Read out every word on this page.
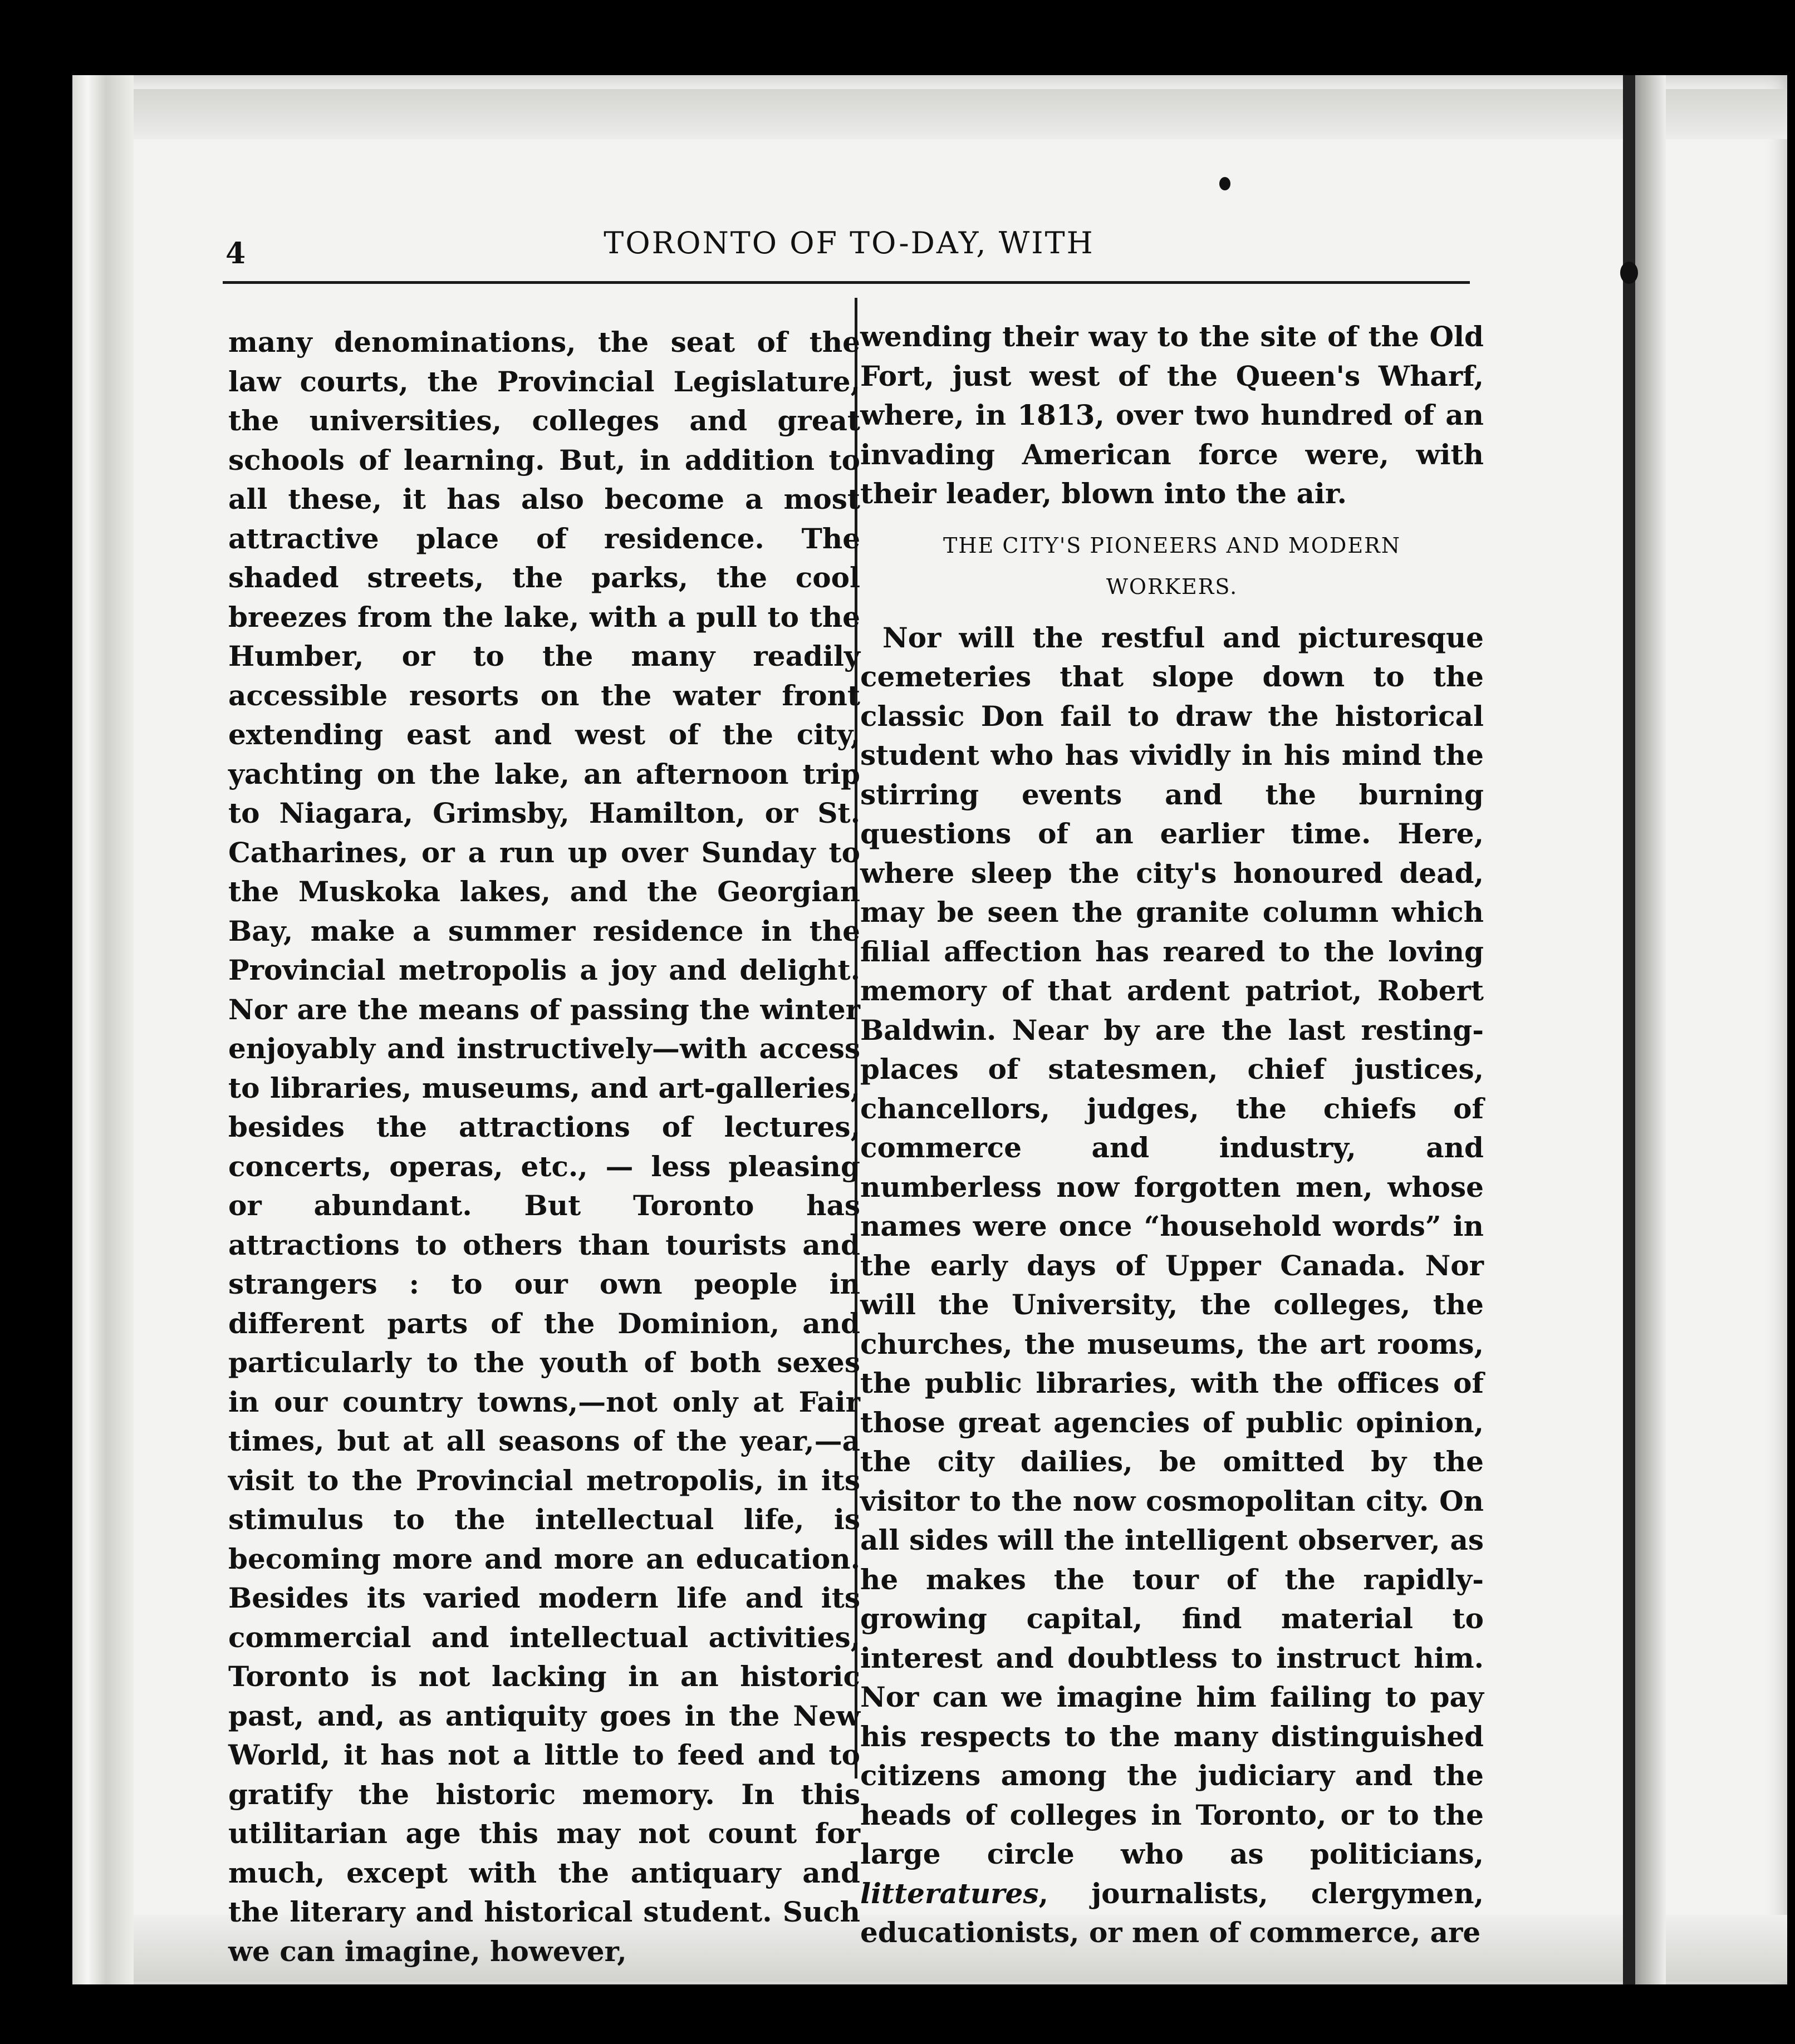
4	TORONTO OF TO-DAY, WITH

many denominations, the seat of the law courts, the Provincial Legislature, the universities, colleges and great schools of learning. But, in addition to all these, it has also become a most attractive place of residence. The shaded streets, the parks, the cool breezes from the lake, with a pull to the Humber, or to the many readily accessible resorts on the water front extending east and west of the city, yachting on the lake, an afternoon trip to Niagara, Grimsby, Hamilton, or St. Catharines, or a run up over Sunday to the Muskoka lakes, and the Georgian Bay, make a summer residence in the Provincial metropolis a joy and delight. Nor are the means of passing the winter enjoyably and instructively—with access to libraries, museums, and art-galleries, besides the attractions of lectures, concerts, operas, etc., — less pleasing or abundant. But Toronto has attractions to others than tourists and strangers : to our own people in different parts of the Dominion, and particularly to the youth of both sexes in our country towns,—not only at Fair times, but at all seasons of the year,—a visit to the Provincial metropolis, in its stimulus to the intellectual life, is becoming more and more an education. Besides its varied modern life and its commercial and intellectual activities, Toronto is not lacking in an historic past, and, as antiquity goes in the New World, it has not a little to feed and to gratify the historic memory. In this utilitarian age this may not count for much, except with the antiquary and the literary and historical student. Such we can imagine, however,

wending their way to the site of the Old Fort, just west of the Queen's Wharf, where, in 1813, over two hundred of an invading American force were, with their leader, blown into the air.

THE CITY'S PIONEERS AND MODERN
WORKERS.

Nor will the restful and picturesque cemeteries that slope down to the classic Don fail to draw the historical student who has vividly in his mind the stirring events and the burning questions of an earlier time. Here, where sleep the city's honoured dead, may be seen the granite column which filial affection has reared to the loving memory of that ardent patriot, Robert Baldwin. Near by are the last resting-places of statesmen, chief justices, chancellors, judges, the chiefs of commerce and industry, and numberless now forgotten men, whose names were once “household words” in the early days of Upper Canada. Nor will the University, the colleges, the churches, the museums, the art rooms, the public libraries, with the offices of those great agencies of public opinion, the city dailies, be omitted by the visitor to the now cosmopolitan city. On all sides will the intelligent observer, as he makes the tour of the rapidly-growing capital, find material to interest and doubtless to instruct him. Nor can we imagine him failing to pay his respects to the many distinguished citizens among the judiciary and the heads of colleges in Toronto, or to the large circle who as politicians, litteratures, journalists, clergymen, educationists, or men of commerce, are
